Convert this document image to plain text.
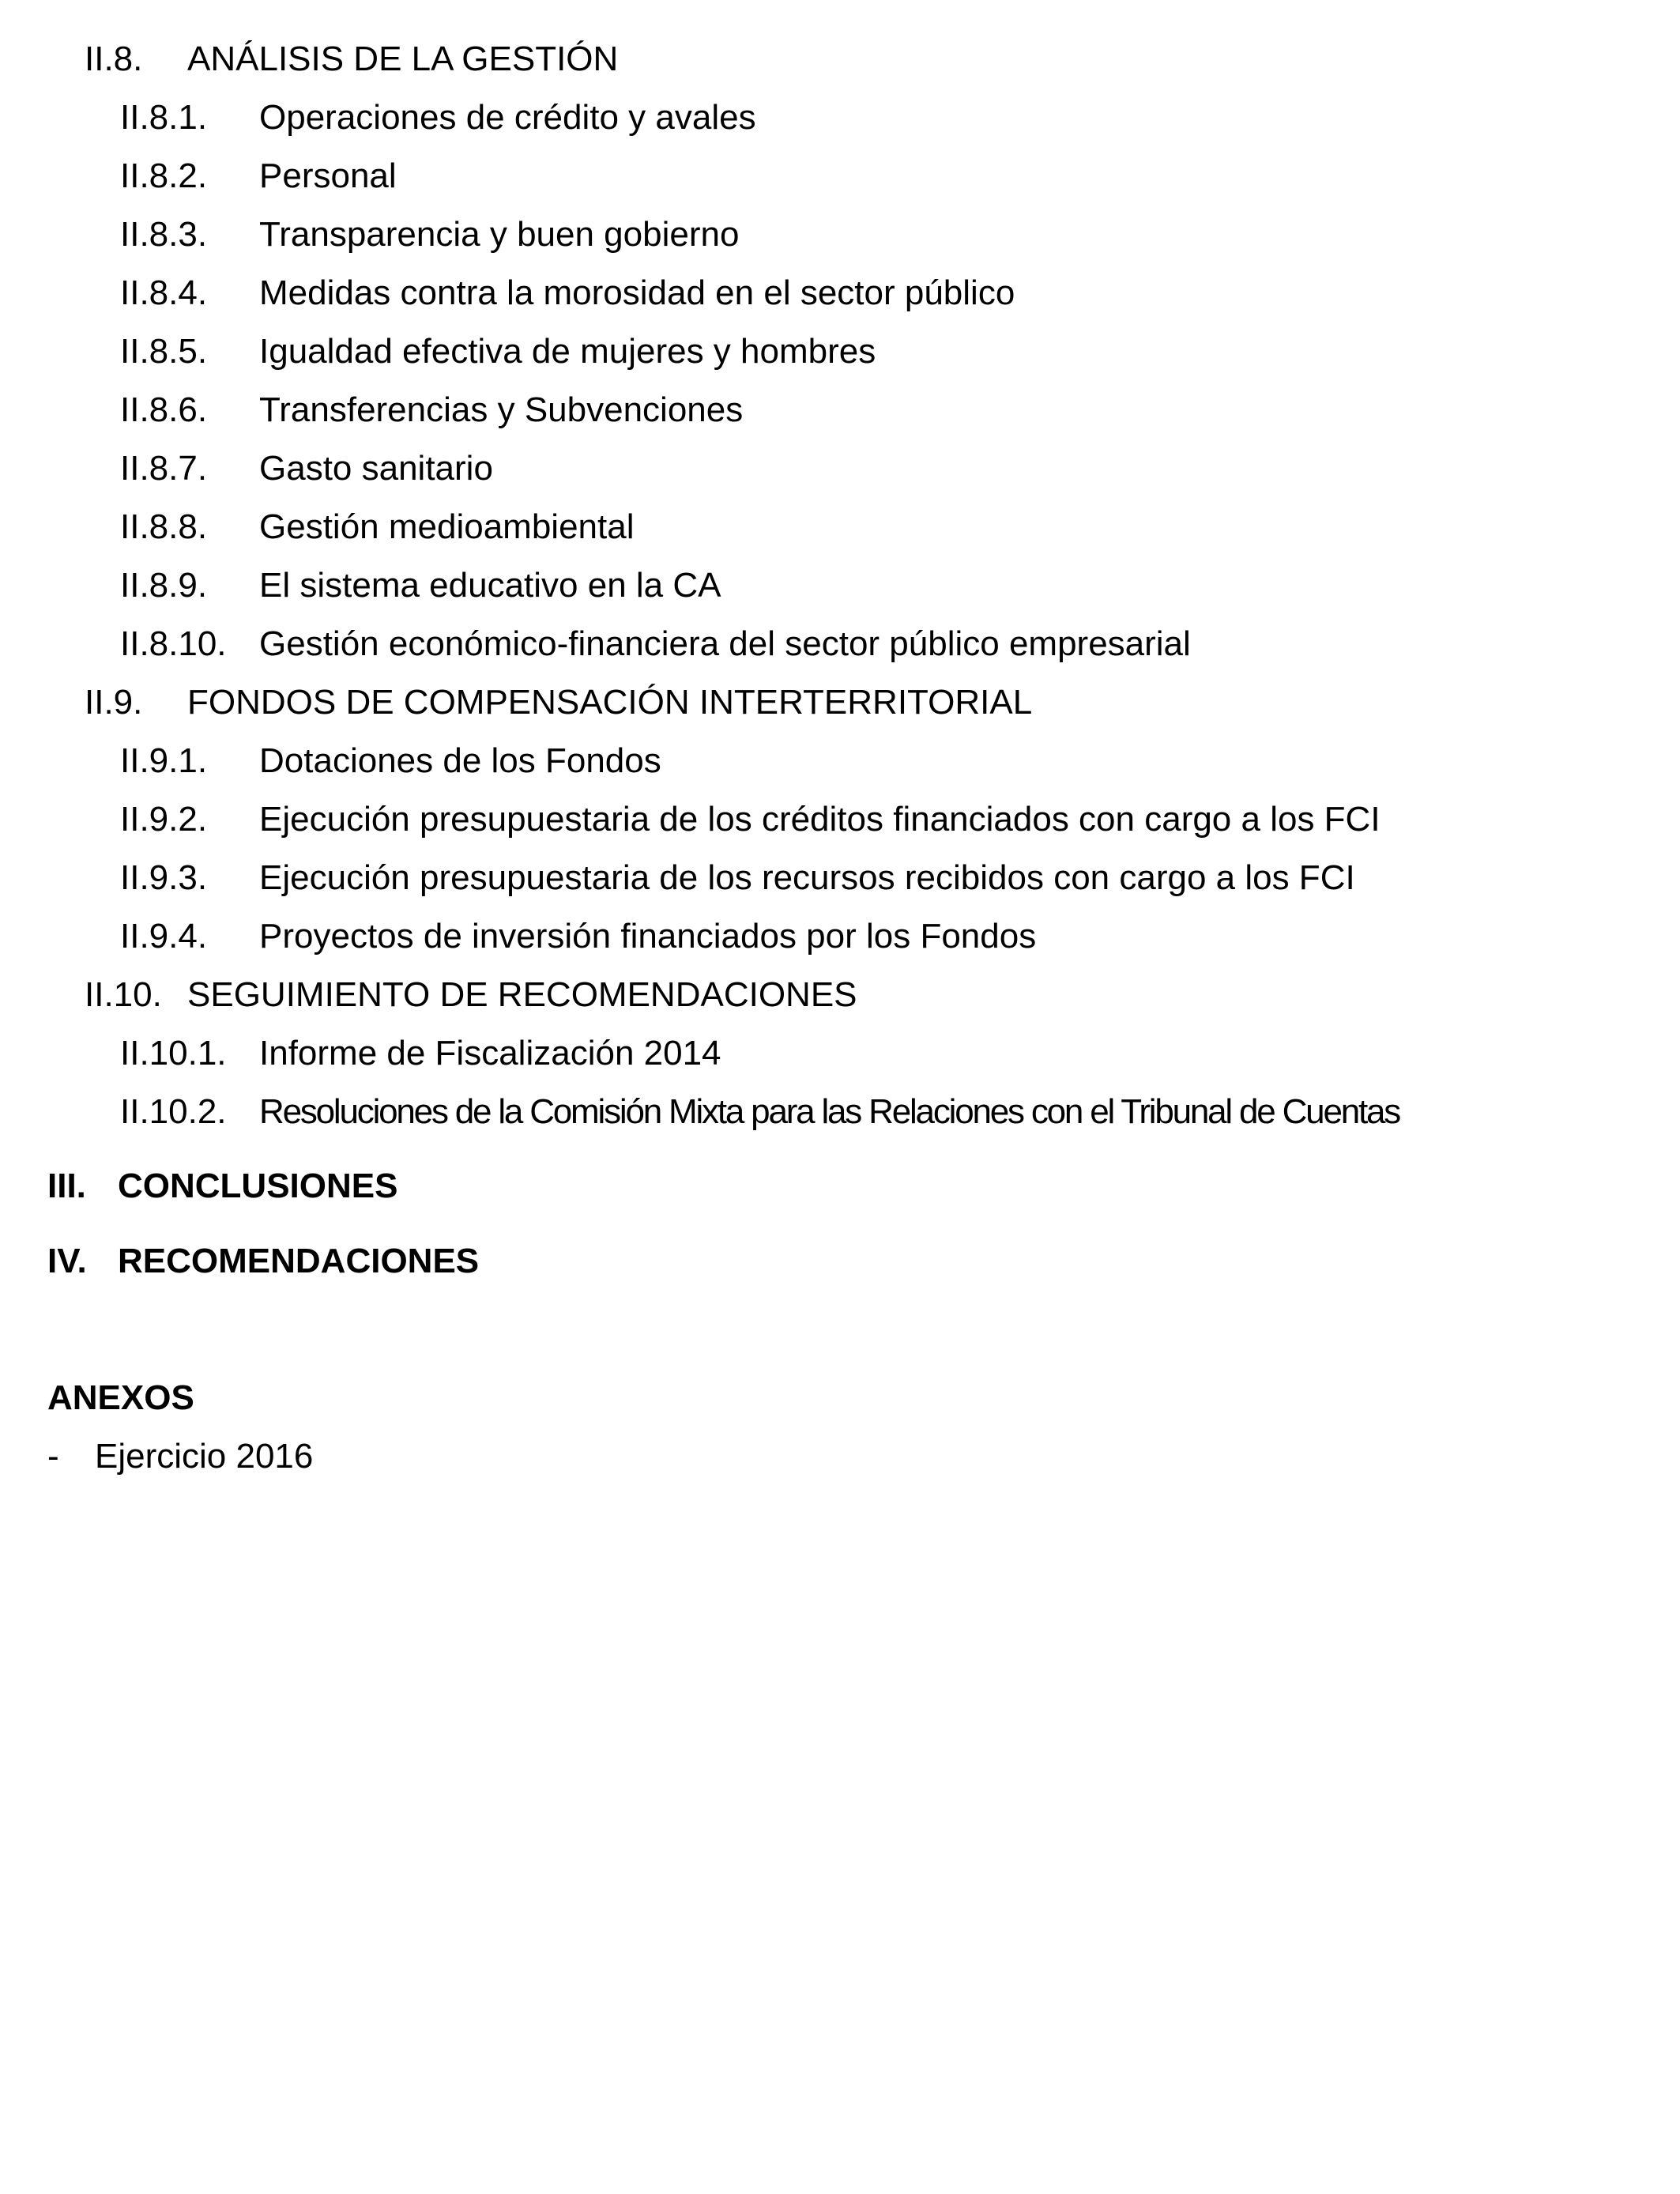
II.8. ANÁLISIS DE LA GESTIÓN
II.8.1. Operaciones de crédito y avales
II.8.2. Personal
II.8.3. Transparencia y buen gobierno
II.8.4. Medidas contra la morosidad en el sector público
II.8.5. Igualdad efectiva de mujeres y hombres
II.8.6. Transferencias y Subvenciones
II.8.7. Gasto sanitario
II.8.8. Gestión medioambiental
II.8.9. El sistema educativo en la CA
II.8.10. Gestión económico-financiera del sector público empresarial
II.9. FONDOS DE COMPENSACIÓN INTERTERRITORIAL
II.9.1. Dotaciones de los Fondos
II.9.2. Ejecución presupuestaria de los créditos financiados con cargo a los FCI
II.9.3. Ejecución presupuestaria de los recursos recibidos con cargo a los FCI
II.9.4. Proyectos de inversión financiados por los Fondos
II.10. SEGUIMIENTO DE RECOMENDACIONES
II.10.1. Informe de Fiscalización 2014
II.10.2. Resoluciones de la Comisión Mixta para las Relaciones con el Tribunal de Cuentas
III. CONCLUSIONES
IV. RECOMENDACIONES
ANEXOS
- Ejercicio 2016
